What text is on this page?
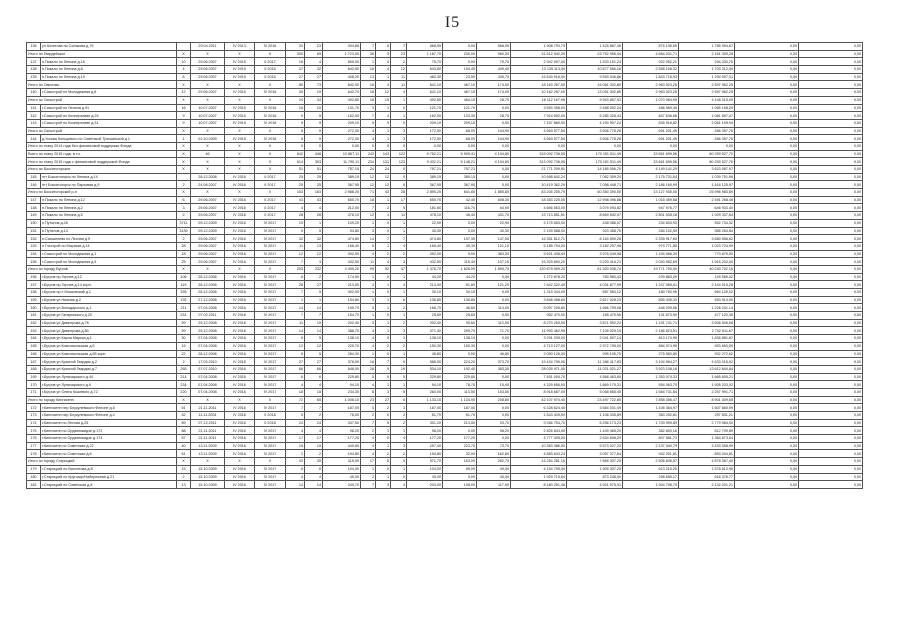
I5
136	ул Кочетова по Солякова д.79		29.04.2011	IV 2013	IV 2016	33	23	394,68	7	6	7	568,95	0,00	568,95	1 908 793,75	1 425 887,46	875 106,65	1 785 994,67	0,00	0,00
Итого по Гвардейское		X	X	X	X	330	69	1 723,00	36	5	23	1 187,70	230,00	960,00	31 612 942,30	23 752 955,44	4 684 031,71	2 161 309,28	0,00	0,00
137	п.Пикало по Ленина д.16	10	29.06.2007	IV 2015	II 2017	16	4	659,00	1	0	2	75,70	0,00	75,70	2 942 097,00	1 533 151,24	922 052,21	294 330,75	0,00	0,00
138	п.Пикало по Ленина д.8	4	29.06.2007	IV 2015	II 2016	37	32	642,80	16	4	12	643,80	194,40	449,40	13 139 113,00	10 877 656,18	2 558 106,32	1 703 312,00	0,00	0,00
139	п.Пикало по Ленина д.19	8	29.06.2007	IV 2015	II 2016	27	27	408,20	13	1	11	460,30	23,50	436,70	15 440 918,00	9 593 046,86	1 843 716,93	1 294 097,01	0,00	0,00
Итого по Омолово		X	X	X	X	80	73	642,00	16	4	11	641,10	467,10	174,00	18 163 267,00	15 081 302,80	2 963 923,26	2 597 962,25	0,00	0,00
140	г.Сясьстрой по Молодежная д.8	12	29.06.2007	IV 2015	IV 2016	35	19	642,70	16	12	4	641,10	467,10	174,00	10 162 267,00	13 051 302,89	2 963 923,26	2 597 962,25	0,00	0,00
Итого по Сясьстрой		X	X	X	X	24	34	492,80	16	15	1	492,80	464,10	28,70	16 112 167,96	9 943 857,91	1 070 064,99	4 148 315,00	0,00	0,00
141	г.Сясьстрой по Ленина д.91	16	10.07.2007	IV 2015	IV 2016	16	10	131,70	3	1	0	121,70	121,70	0,00	3 559 358,00	2 468 052,24	486 569,45	1 065 158,29	0,00	0,00
142	г.Сясьстрой по Кооперативн д.25	9	10.07.2007	IV 2015	IV 2016	9	5	162,00	7	4	1	162,00	133,30	28,70	7 914 652,00	5 285 328,43	847 636,66	1 081 697,47	0,00	0,00
143	г.Сясьстрой по Кооперативн д.31	9	10.07.2007	IV 2015	IV 2016	9	9	209,10	9	9	0	209,10	209,10	0,00	7 157 880,00	4 190 507,24	835 918,82	2 061 159,94	0,00	0,00
Итого по Сясьстрой		X	X	X	X	5	5	272,00	4	1	3	172,90	68,00	104,90	4 663 977,50	3 506 778,28	691 201,45	466 397,75	0,00	0,00
144	д.Ускова Кольцевого по Советской Трескинской д.1	1	01.10.2009	IV 2015	IV 2016	5	5	272,00	4	1	3	172,90	68,00	104,90	4 663 977,50	3 506 778,28	691 201,45	466 397,75	0,00	0,00
Итого по этапу 2014 года без финансовой поддержки Фонда		X	X	X	X	0	0	0,00	0	0	0	0,00	0,00	0,00	0,00	0,00	0,00	0,00	0,00	0,00
Всего по этапу 2015 года, в т.ч.		X	46	X	X	642	448	12 867,11	243	143	122	9 752,21	5 909,41	4 104,80	315 092 736,55	170 151 511,49	33 661 699,56	80 259 527,70	0,00	0,00
Итого по этапу 2015 года с финансовой поддержкой Фонда		X	X	X	X	614	393	11 790,11	234	131	123	9 432,21	5 148,21	4 104,80	313 092 736,55	170 151 511,49	33 661 699,56	80 259 527,70	0,00	0,00
Итого по Бокситогорское		X	X	X	X	51	51	757,15	24	24	0	757,21	757,21	0,00	21 771 209,91	14 185 056,70	4 149 141,29	3 623 087,97	0,00	0,00
145	пгт Бокситогорск по Ленина д.14		28.12.2008	IV 2016	II 2017	25	25	389,15	12	12	0	389,15	389,15	0,00	10 958 842,24	7 062 309,24	2 175 731,04	1 039 751,96	0,00	0,00
146	пгт Бокситогорск по Парковая д.9	2	24.08.2007	IV 2016	II 2017	25	25	367,95	12	12	0	367,95	367,95	0,00	10 419 362,29	7 058 448,71	2 186 160,99	1 416 125,97	0,00	0,00
Итого по Бокситогорский р-н		X	X	X	X	153	163	2 988,20	71	43	28	2 895,20	841,80	1 865,80	83 205 205,79	60 350 390,50	13 127 935,00	25 996 983,69	0,00	0,00
147	п.Пикало по Ленина д.12	6	29.06.2007	IV 2016	II 2017	43	43	650,70	18	1	17	650,70	42,40	608,30	18 353 225,00	12 998 496,86	1 015 459,68	2 491 268,46	0,00	0,00
148	п.Пикало по Ленина д.2	3	29.06.2007	IV 2016	II 2017	4	4	212,00	7	2	5	181,60	116,70	64,90	4 666 563,00	3 079 093,82	947 976,77	646 933,40	0,00	0,00
149	п.Пикало по Ленина д.5	2	29.06.2007	IV 2016	II 2017	28	28	478,10	12	1	11	478,10	46,40	431,70	13 713 851,51	8 669 542,07	2 801 535,18	1 929 337,64	0,00	0,00
150	п.Путилов д.26	3711	09.12.2009	IV 2016	IV 2017	19	1	109,20	1	0	1	22,90	0,00	22,90	3 175 653,00	438 086,07	234 604,93	552 734,32	0,00	0,00
151	п.Путилов д.14	3139	09.12.2009	IV 2016	IV 2017	9	5	94,80	3	0	1	40,30	0,00	40,30	2 193 588,00	923 458,75	284 102,59	985 264,84	0,00	0,00
152	п.Сяськелево по Лесная д.9	2	29.06.2007	IV 2016	IV 2017	32	32	474,80	14	7	7	474,80	197,30	147,50	16 351 612,71	8 154 590,28	2 339 917,60	3 680 556,62	0,00	0,00
153	п.Гэсстрой по Мирская д.14	28	29.06.2007	IV 2016	IV 2017	11	13	166,40	5	1	4	166,40	45,30	121,10	5 185 794,00	3 182 297,96	979 771,85	1 023 724,99	0,00	0,00
154	г.Сясьстрой по Молодежная д.1	18	29.06.2007	IV 2016	IV 2017	12	12	392,00	4	2	2	392,00	9,00	383,00	9 621 436,40	3 976 049,98	1 194 066,30	770 679,00	0,00	0,00
155	г.Сясьстрой по Молодежная д.5	25	29.06.2007	IV 2016	IV 2017	7	3	432,50	11	4	3	432,50	115,40	107,10	15 329 894,20	9 220 416,21	2 040 982,69	1 916 202,00	0,00	0,00
Итого по городу Бугров		X	X	X	X	253	232	4 499,20	99	52	47	1 376,70	1 626,00	1 690,70	120 679 069,20	61 520 038,74	19 771 700,00	40 240 702,15	0,00	0,00
156	г.Бугров пр Героев д.12	106	28.12.2006	IV 2016	IV 2017	8	2	174,50	1	0	1	44,20	44,20	0,00	1 272 878,20	783 960,43	239 863,09	149 566,02	0,00	0,00
157	г.Бугров пр Героев д.14 корп.	119	28.12.2006	IV 2016	IV 2017	28	27	213,00	3	1	4	213,00	91,80	121,20	7 642 322,40	4 031 877,99	1 247 069,41	2 144 015,28	0,00	0,00
158	г.Бугров пр-т Московский д.1	255	28.12.2006	IV 2016	IV 2017	7	5	402,00	1	0	1	30,10	30,10	0,00	1 315 344,00	587 563,12	180 763,96	664 139,02	0,00	0,00
159	г.Бугров ул Нижняя д.2	192	27.12.2008	IV 2016	IV 2017	1	1	154,80	3	1	6	136,80	136,80	0,00	3 848 458,60	2 617 028,23	805 435,33	553 914,00	0,00	0,00
160	г.Бугров ул Володарского д.1	211	07.04.2008	IV 2016	IV 2017	14	14	190,70	3	1	2	168,70	46,60	114,00	5 097 205,80	1 666 799,08	448 209,56	1 226 241,14	0,00	0,00
161	г.Бугров ул Гагаринского д.20	251	07.02.2011	IV 2016	IV 2017	7	7	154,70	1	0	1	25,60	25,60	0,00	952 470,00	165 479,55	131 873,90	477 120,45	0,00	0,00
162	г.Бугров ул Димитрова д.78	99	29.12.2008	IV 2016	IV 2017	11	15	202,40	3	1	2	202,40	90,60	112,00	8 270 250,00	3 871 992,22	1 191 741,71	3 506 506,08	0,00	0,00
163	г.Бугров ул Димитрова д.80	99	29.12.2008	IV 2016	IV 2017	14	14	388,70	4	1	3	371,40	299,70	71,70	11 993 462,95	7 105 029,15	2 186 823,51	2 702 611,67	0,00	0,00
164	г.Бугров ул Карла Маркса д.1	30	07.04.2008	IV 2016	IV 2017	5	5	138,10	4	0	1	138,10	138,10	0,00	3 291 039,00	2 041 907,14	813 174,96	1 836 881,87	0,00	0,00
165	г.Бугров ул Комсомольская д.5	15	07.04.2008	IV 2016	IV 2017	12	12	220,70	4	2	2	150,30	150,30	0,00	4 713 127,00	2 972 795,00	884 974,96	953 663,09	0,00	0,00
166	г.Бугров ул Комсомольская д.55 корп.	22	28.12.2006	IV 2016	IV 2017	5	5	284,30	1	0	1	46,80	0,00	46,80	2 050 126,00	995 105,75	275 560,80	932 272,62	0,00	0,00
167	г.Бугров ул Красной Гвардии д.2	2	17.03.2010	IV 2016	IV 2017	27	27	376,00	16	7	9	586,00	224,20	373,70	19 434 799,00	11 286 417,83	3 104 964,27	4 533 016,02	0,00	0,00
168	г.Бугров ул Красной Гвардии д.7	265	07.07.2010	IV 2016	IV 2017	66	66	648,00	28	9	19	534,10	192,40	383,30	28 025 971,00	11 021 021,27	3 923 108,16	13 612 844,84	0,00	0,00
169	г.Бугров ул Луначарского д.44	214	07.04.2008	IV 2016	IV 2017	6	6	229,80	5	0	5	229,80	229,80	0,00	7 451 004,70	4 566 463,50	1 353 074,33	1 665 605,21	0,00	0,00
170	г.Бугров ул Луначарского д.9	234	07.04.2008	IV 2016	IV 2017	4	4	94,10	4	1	1	94,10	78,70	15,40	4 329 656,00	1 869 170,31	554 063,70	1 926 233,02	0,00	0,00
171	г.Бугров ул Олега Кошевого д.72	220	07.04.2008	IV 2016	IV 2017	18	18	234,30	8	3	5	260,00	113,50	153,50	8 918 687,00	5 068 665,45	1 564 731,84	2 257 991,71	0,00	0,00
Итого по городу Кингисепп		X	X	X	X	72	65	1 006,10	23	27	6	1 133,10	1 134,90	208,80	42 107 974,40	23 497 722,85	7 858 356,47	8 901 309,65	0,00	0,00
172	г.Кингисепп пер Блукулевского Фелоне д.8	51	21.11.2011	IV 2016	IV 2017	7	7	187,00	5	2	3	187,00	187,00	0,00	6 328 624,40	3 584 031,49	1 106 364,97	1 607 660,99	0,00	0,00
173	г.Кингисепп пер Блукулевского Фелоне д.4	52	11.11.2004	IV 2016	II 2018	5	2	78,00	2	0	2	61,70	61,70	0,00	1 843 439,00	1 108 345,89	363 292,81	297 831,21	0,00	0,00
174	г.Кингисепп по Лесная д.25	89	07.12.2011	IV 2016	II 2018	24	24	437,50	7	5	2	301,20	213,50	93,70	9 266 754,70	5 256 173,23	1 703 999,89	2 779 984,00	0,00	0,00
175	г.Кингисепп по Ордзиникидзе д.172	88	21.11.2011	IV 2016	IV 2017	4	4	98,20	2	1	1	98,20	0,00	98,20	2 826 843,00	1 449 465,20	382 803,16	612 709,89	0,00	0,00
176	г.Кингисепп по Ордзиникидзе д.174	87	21.11.2011	IV 2016	IV 2017	17	17	177,20	4	0	4	177,20	177,20	0,00	4 777 405,00	2 634 608,29	807 681,73	1 364 873,64	0,00	0,00
177	г.Кингисепп по Советская д.22	40	13.11.2009	IV 2016	IV 2017	15	15	440,80	4	1	3	297,40	223,70	73,70	10 363 386,00	5 573 027,33	2 137 940,79	3 433 058,99	0,00	0,00
178	г.Кингисепп по Советская д.8	61	13.11.2009	IV 2016	IV 2017	2	2	194,80	4	2	2	194,80	32,00	162,80	4 883 643,24	3 057 377,54	942 201,81	893 004,81	0,00	0,00
Итого по городу Старицкий		X	X	X	X	43	35	415,90	17	5	9	571,70	163,00	262,70	14 254 281,15	7 565 307,25	2 506 606,57	4 878 367,40	0,00	0,00
179	г.Старицкий по Вахонтова д.8	15	15.10.2009	IV 2016	IV 2017	6	6	104,00	1	0	1	104,00	55,00	49,00	4 154 795,00	1 905 307,25	613 215,25	1 578 612,96	0,00	0,00
180	г.Старицкий по Кругозор/Набережная д.21	2	15.10.2009	IV 2016	IV 2017	4	4	45,00	2	1	0	45,00	0,00	45,00	1 929 715,64	873 248,00	258 655,17	616 378,77	0,00	0,00
181	г.Старицкий по Советская д.8	13	15.10.2009	IV 2016	IV 2017	14	14	249,70	7	3	4	203,00	108,00	117,90	8 180 251,46	4 921 575,91	1 504 796,79	2 132 201,21	0,00	0,00
